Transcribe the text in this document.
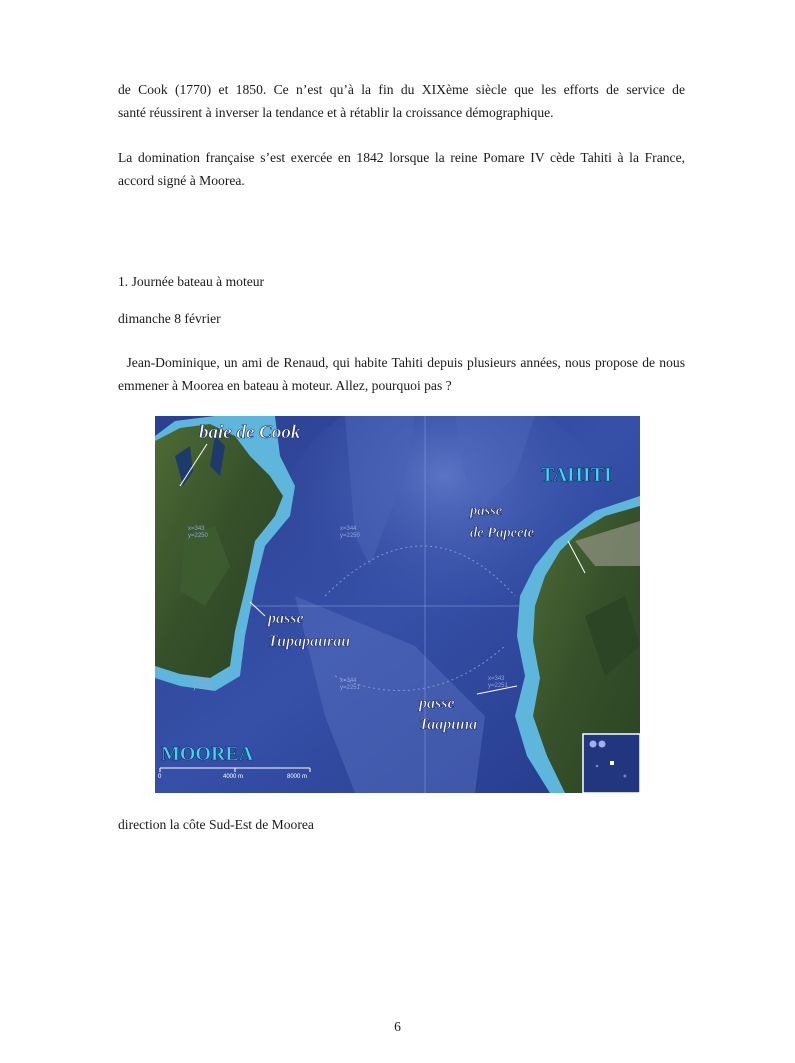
de Cook (1770) et 1850. Ce n’est qu’à la fin du XIXème siècle que les efforts de service de

santé réussirent à inverser la tendance et à rétablir la croissance démographique.

La domination française s’est exercée en 1842 lorsque la reine Pomare IV cède Tahiti à la France, accord signé à Moorea.

1. Journée bateau à moteur

dimanche 8 février

Jean-Dominique, un ami de Renaud, qui habite Tahiti depuis plusieurs années, nous propose de nous emmener à Moorea en bateau à moteur. Allez, pourquoi pas ?

x=343
y=2250
x=344
y=2250
x=344
y=2251
x=343
y=2251
x=343
y=2251
baie de Cook
passe
de Papeete
passe
Tupapaurau
passe
Taapuna
TAHITI
MOOREA
0	4000 m	8000 m

direction la côte Sud-Est de Moorea

6
